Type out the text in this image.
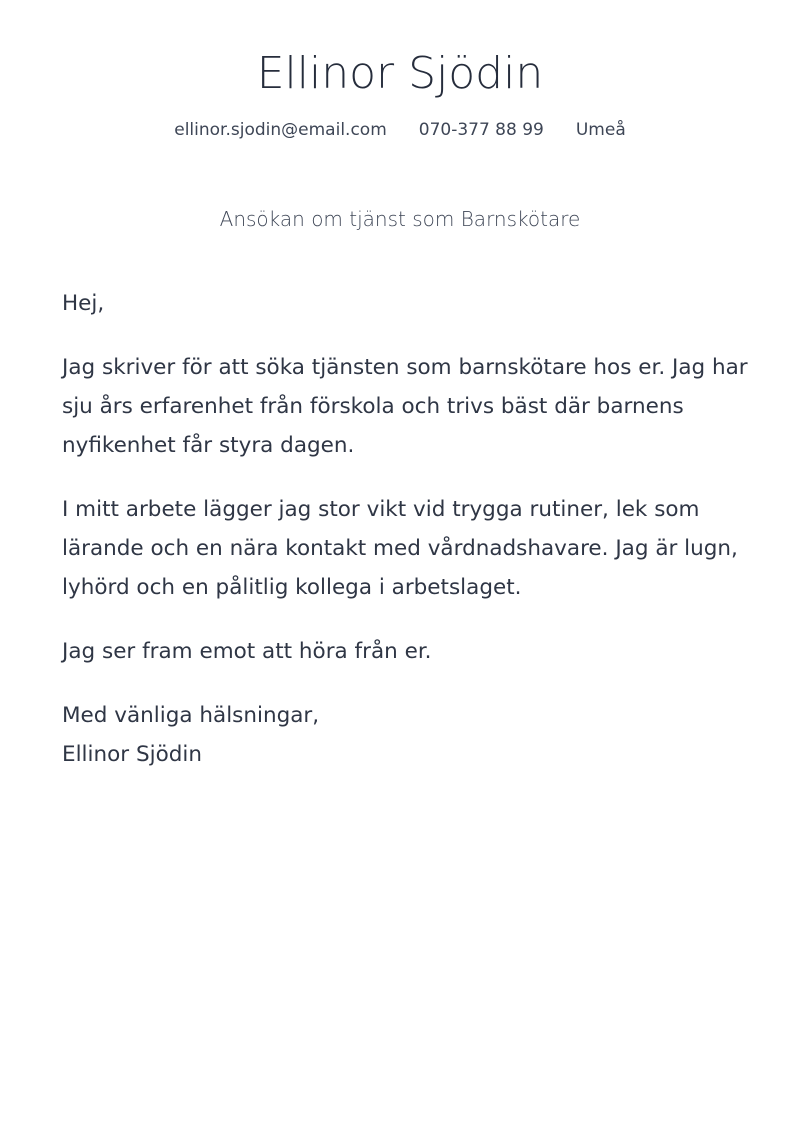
Ellinor Sjödin
ellinor.sjodin@email.com 070-377 88 99 Umeå
Ansökan om tjänst som Barnskötare

Hej,

Jag skriver för att söka tjänsten som barnskötare hos er. Jag har sju års erfarenhet från förskola och trivs bäst där barnens nyfikenhet får styra dagen.

I mitt arbete lägger jag stor vikt vid trygga rutiner, lek som lärande och en nära kontakt med vårdnadshavare. Jag är lugn, lyhörd och en pålitlig kollega i arbetslaget.

Jag ser fram emot att höra från er.

Med vänliga hälsningar,

Ellinor Sjödin
